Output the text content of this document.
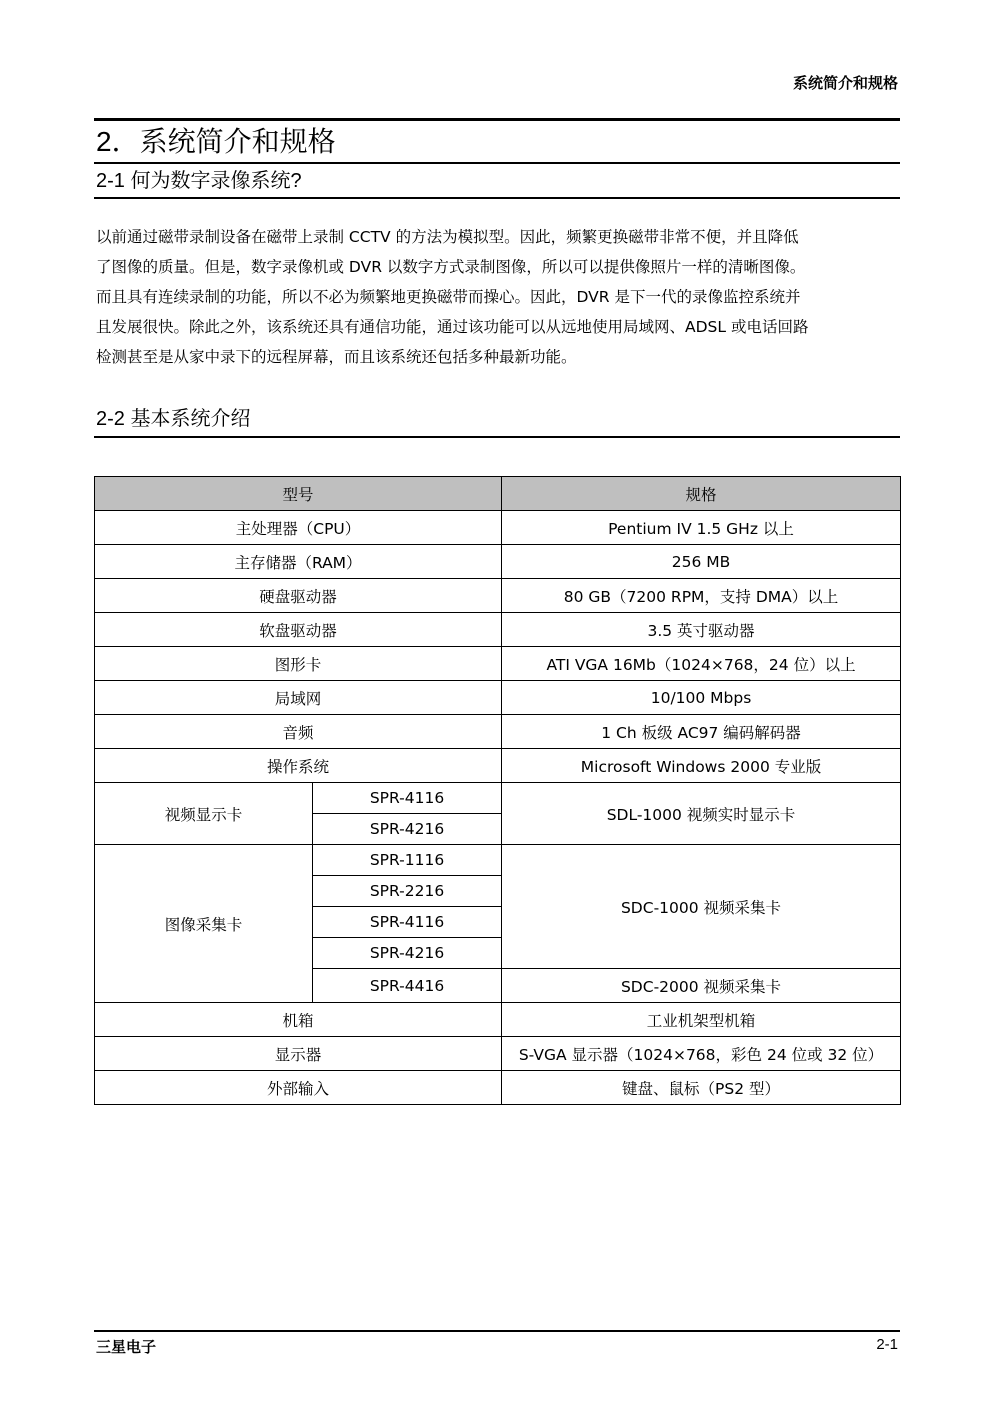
系统简介和规格
2．系统简介和规格
2-1 何为数字录像系统?

以前通过磁带录制设备在磁带上录制 CCTV 的方法为模拟型。因此，频繁更换磁带非常不便，并且降低

了图像的质量。但是，数字录像机或 DVR 以数字方式录制图像，所以可以提供像照片一样的清晰图像。

而且具有连续录制的功能，所以不必为频繁地更换磁带而操心。因此，DVR 是下一代的录像监控系统并

且发展很快。除此之外，该系统还具有通信功能，通过该功能可以从远地使用局域网、ADSL 或电话回路

检测甚至是从家中录下的远程屏幕，而且该系统还包括多种最新功能。

2-2 基本系统介绍
型号		规格
主处理器（CPU）		Pentium IV 1.5 GHz 以上
主存储器（RAM）		256 MB
硬盘驱动器		80 GB（7200 RPM，支持 DMA）以上
软盘驱动器		3.5 英寸驱动器
图形卡		ATI VGA 16Mb（1024×768，24 位）以上
局域网		10/100 Mbps
音频		1 Ch 板级 AC97 编码解码器
操作系统		Microsoft Windows 2000 专业版
视频显示卡	SPR-4116	SDL-1000 视频实时显示卡
	SPR-4216	
图像采集卡	SPR-1116	SDC-1000 视频采集卡
	SPR-2216	
	SPR-4116	
	SPR-4216	
	SPR-4416	SDC-2000 视频采集卡
机箱		工业机架型机箱
显示器		S-VGA 显示器（1024×768，彩色 24 位或 32 位）
外部输入		键盘、鼠标（PS2 型）
三星电子	2-1
